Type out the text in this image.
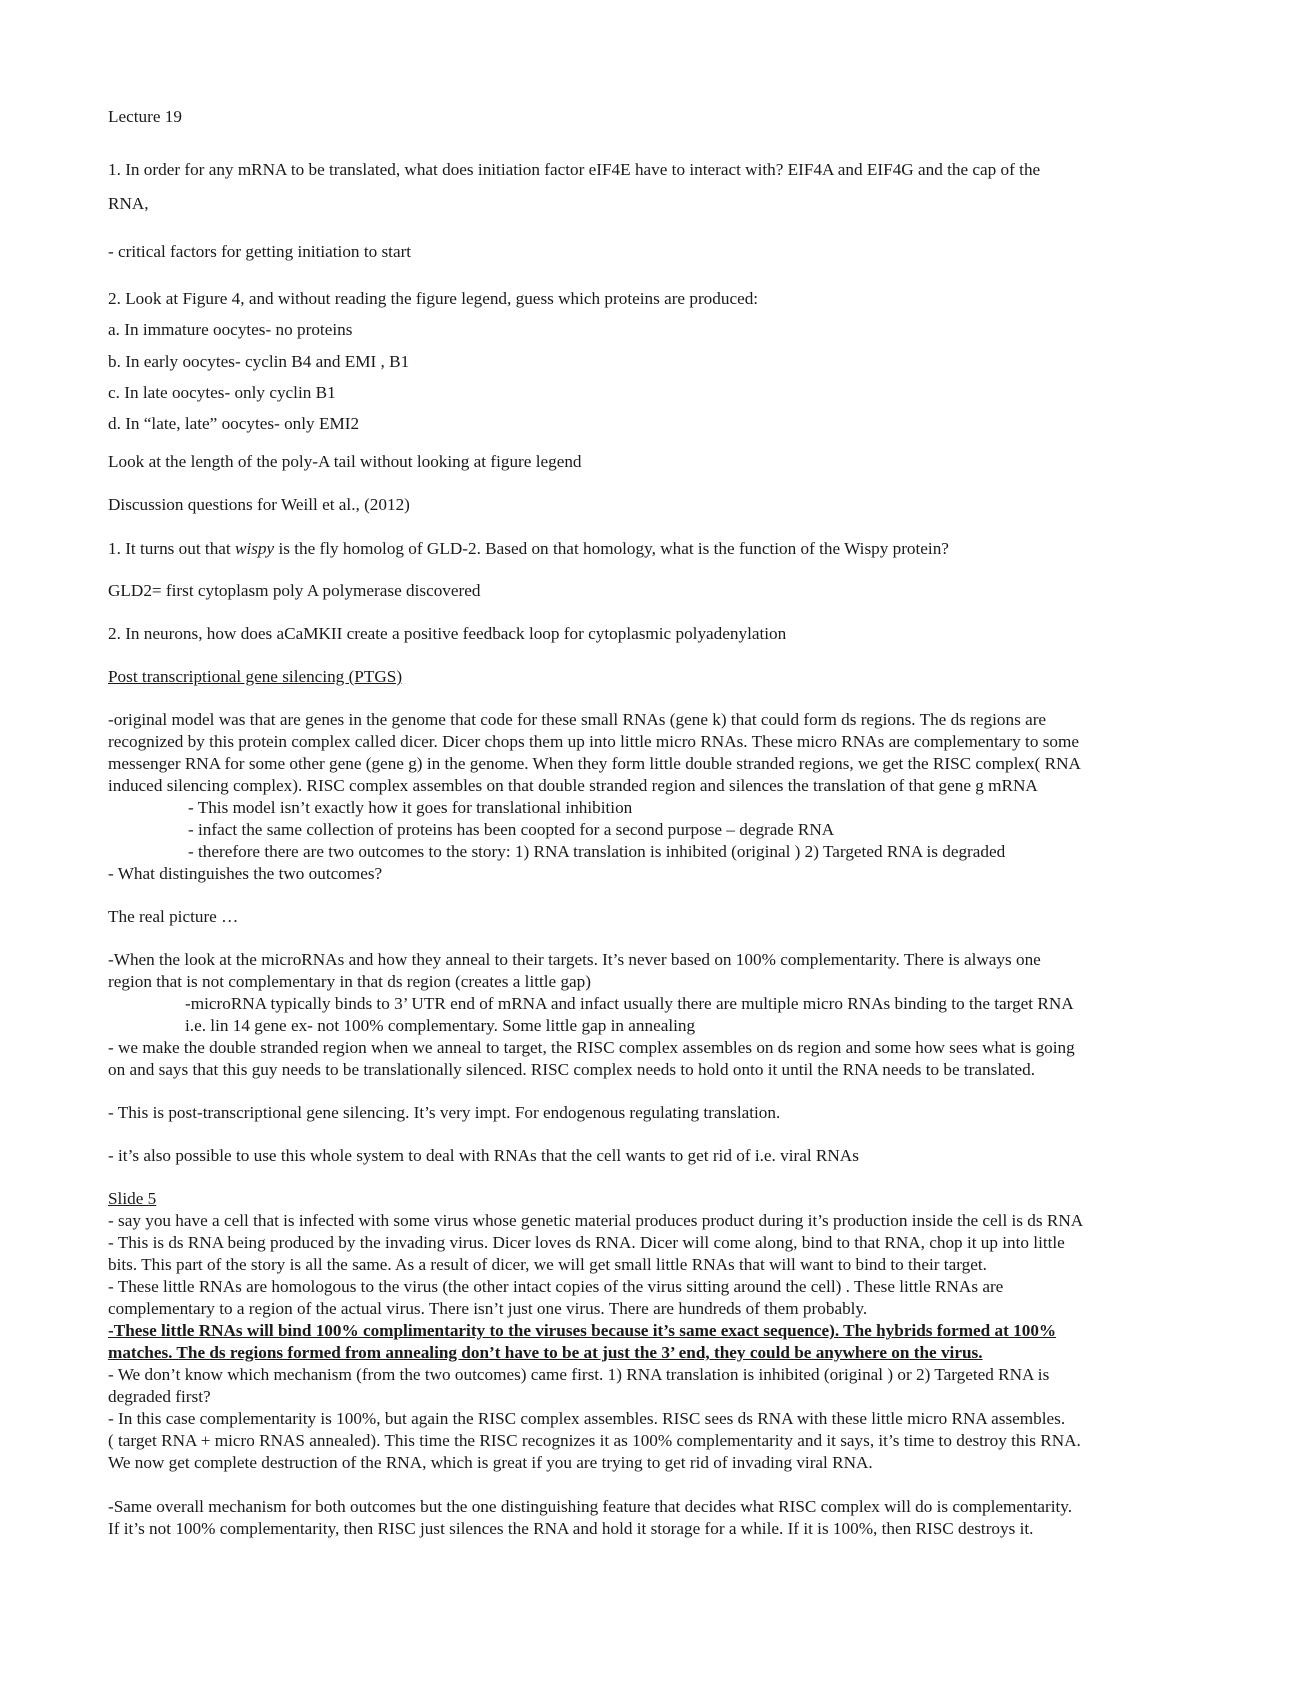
Lecture 19

1. In order for any mRNA to be translated, what does initiation factor eIF4E have to interact with? EIF4A and EIF4G and the cap of the

RNA,

- critical factors for getting initiation to start

2. Look at Figure 4, and without reading the figure legend, guess which proteins are produced:

a. In immature oocytes- no proteins

b. In early oocytes- cyclin B4 and EMI , B1

c. In late oocytes- only cyclin B1

d. In “late, late” oocytes- only EMI2

Look at the length of the poly-A tail without looking at figure legend

Discussion questions for Weill et al., (2012)

1. It turns out that wispy is the fly homolog of GLD-2. Based on that homology, what is the function of the Wispy protein?

GLD2= first cytoplasm poly A polymerase discovered

2. In neurons, how does aCaMKII create a positive feedback loop for cytoplasmic polyadenylation

Post transcriptional gene silencing (PTGS)

-original model was that are genes in the genome that code for these small RNAs (gene k) that could form ds regions. The ds regions are

recognized by this protein complex called dicer. Dicer chops them up into little micro RNAs. These micro RNAs are complementary to some

messenger RNA for some other gene (gene g) in the genome. When they form little double stranded regions, we get the RISC complex( RNA

induced silencing complex). RISC complex assembles on that double stranded region and silences the translation of that gene g mRNA

- This model isn’t exactly how it goes for translational inhibition

- infact the same collection of proteins has been coopted for a second purpose – degrade RNA

- therefore there are two outcomes to the story: 1) RNA translation is inhibited (original ) 2) Targeted RNA is degraded

- What distinguishes the two outcomes?

The real picture …

-When the look at the microRNAs and how they anneal to their targets. It’s never based on 100% complementarity. There is always one

region that is not complementary in that ds region (creates a little gap)

-microRNA typically binds to 3’ UTR end of mRNA and infact usually there are multiple micro RNAs binding to the target RNA

i.e. lin 14 gene ex- not 100% complementary. Some little gap in annealing

- we make the double stranded region when we anneal to target, the RISC complex assembles on ds region and some how sees what is going

on and says that this guy needs to be translationally silenced. RISC complex needs to hold onto it until the RNA needs to be translated.

- This is post-transcriptional gene silencing. It’s very impt. For endogenous regulating translation.

- it’s also possible to use this whole system to deal with RNAs that the cell wants to get rid of i.e. viral RNAs

Slide 5

- say you have a cell that is infected with some virus whose genetic material produces product during it’s production inside the cell is ds RNA

- This is ds RNA being produced by the invading virus. Dicer loves ds RNA. Dicer will come along, bind to that RNA, chop it up into little

bits. This part of the story is all the same. As a result of dicer, we will get small little RNAs that will want to bind to their target.

- These little RNAs are homologous to the virus (the other intact copies of the virus sitting around the cell) . These little RNAs are

complementary to a region of the actual virus. There isn’t just one virus. There are hundreds of them probably.

-These little RNAs will bind 100% complimentarity to the viruses because it’s same exact sequence). The hybrids formed at 100%

matches. The ds regions formed from annealing don’t have to be at just the 3’ end, they could be anywhere on the virus.

- We don’t know which mechanism (from the two outcomes) came first. 1) RNA translation is inhibited (original ) or 2) Targeted RNA is

degraded first?

- In this case complementarity is 100%, but again the RISC complex assembles. RISC sees ds RNA with these little micro RNA assembles.

( target RNA + micro RNAS annealed). This time the RISC recognizes it as 100% complementarity and it says, it’s time to destroy this RNA.

We now get complete destruction of the RNA, which is great if you are trying to get rid of invading viral RNA.

-Same overall mechanism for both outcomes but the one distinguishing feature that decides what RISC complex will do is complementarity.

If it’s not 100% complementarity, then RISC just silences the RNA and hold it storage for a while. If it is 100%, then RISC destroys it.
